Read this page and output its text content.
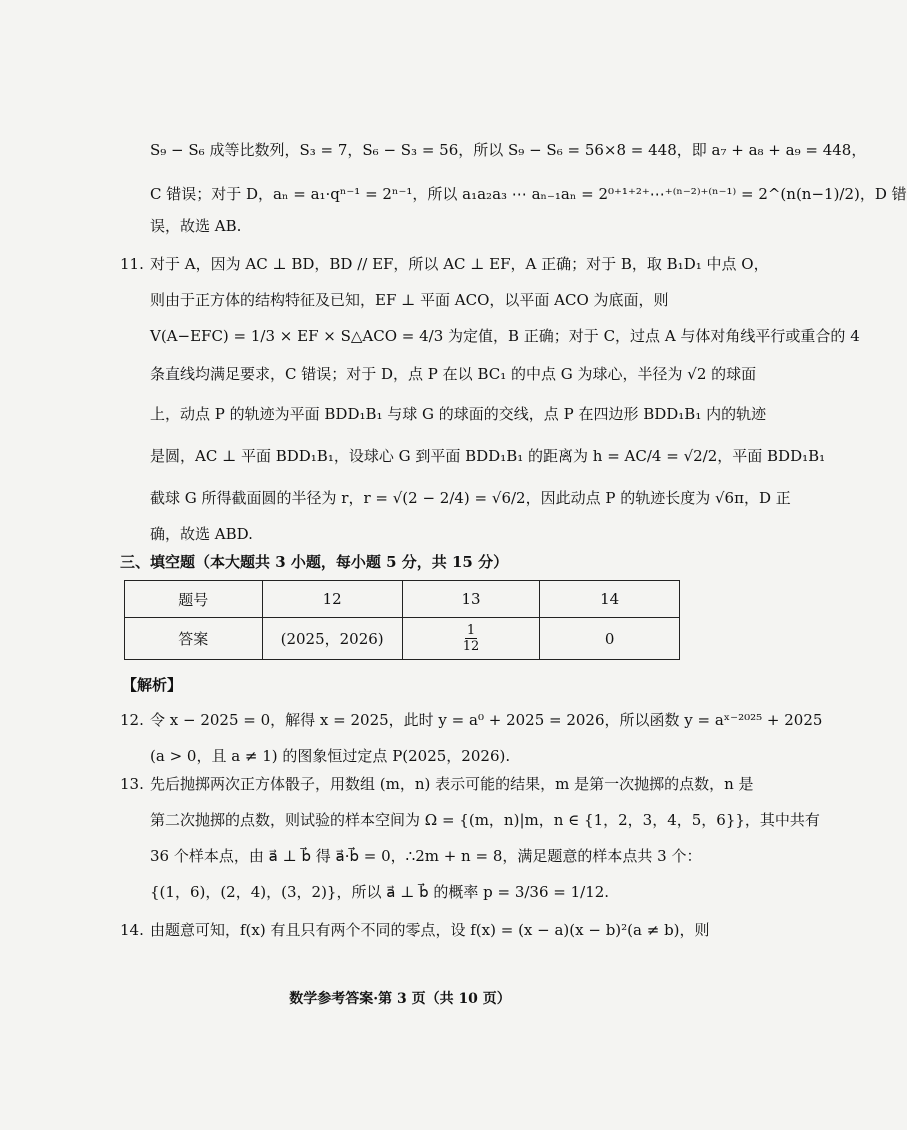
S₉ − S₆ 成等比数列，S₃ = 7，S₆ − S₃ = 56，所以 S₉ − S₆ = 56×8 = 448，即 a₇ + a₈ + a₉ = 448，
C 错误；对于 D，aₙ = a₁·qⁿ⁻¹ = 2ⁿ⁻¹，所以 a₁a₂a₃ ⋯ aₙ₋₁aₙ = 2⁰⁺¹⁺²⁺⋯⁺⁽ⁿ⁻²⁾⁺⁽ⁿ⁻¹⁾ = 2^(n(n−1)/2)，D 错
误，故选 AB.
11. 对于 A，因为 AC ⊥ BD，BD // EF，所以 AC ⊥ EF，A 正确；对于 B，取 B₁D₁ 中点 O，
则由于正方体的结构特征及已知，EF ⊥ 平面 ACO，以平面 ACO 为底面，则
V(A−EFC) = 1/3 × EF × S△ACO = 4/3 为定值，B 正确；对于 C，过点 A 与体对角线平行或重合的 4
条直线均满足要求，C 错误；对于 D，点 P 在以 BC₁ 的中点 G 为球心，半径为 √2 的球面
上，动点 P 的轨迹为平面 BDD₁B₁ 与球 G 的球面的交线，点 P 在四边形 BDD₁B₁ 内的轨迹
是圆，AC ⊥ 平面 BDD₁B₁，设球心 G 到平面 BDD₁B₁ 的距离为 h = AC/4 = √2/2，平面 BDD₁B₁
截球 G 所得截面圆的半径为 r，r = √(2 − 2/4) = √6/2，因此动点 P 的轨迹长度为 √6π，D 正
确，故选 ABD.
三、填空题（本大题共 3 小题，每小题 5 分，共 15 分）
题号	12	13	14
答案	(2025，2026)	$\frac{1}{12}$	0
【解析】
12. 令 x − 2025 = 0，解得 x = 2025，此时 y = a⁰ + 2025 = 2026，所以函数 y = aˣ⁻²⁰²⁵ + 2025
(a > 0，且 a ≠ 1) 的图象恒过定点 P(2025，2026).
13. 先后抛掷两次正方体骰子，用数组 (m，n) 表示可能的结果，m 是第一次抛掷的点数，n 是
第二次抛掷的点数，则试验的样本空间为 Ω = {(m，n)|m，n ∈ {1，2，3，4，5，6}}，其中共有
36 个样本点，由 a⃗ ⊥ b⃗ 得 a⃗·b⃗ = 0，∴2m + n = 8，满足题意的样本点共 3 个：
{(1，6)，(2，4)，(3，2)}，所以 a⃗ ⊥ b⃗ 的概率 p = 3/36 = 1/12.
14. 由题意可知，f(x) 有且只有两个不同的零点，设 f(x) = (x − a)(x − b)²(a ≠ b)，则
数学参考答案·第 3 页（共 10 页）
